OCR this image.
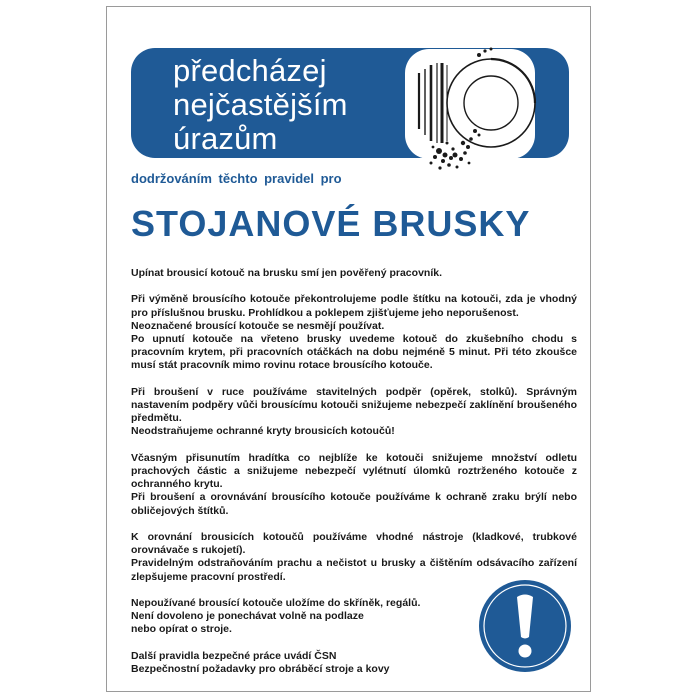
předcházej
nejčastějším
úrazům

dodržováním těchto pravidel pro

STOJANOVÉ BRUSKY

Upínat brousicí kotouč na brusku smí jen pověřený pracovník.

Při výměně brousícího kotouče překontrolujeme podle štítku na kotouči, zda je vhodný pro příslušnou brusku. Prohlídkou a poklepem zjišťujeme jeho neporušenost.

Neoznačené brousící kotouče se nesmějí používat.

Po upnutí kotouče na vřeteno brusky uvedeme kotouč do zkušebního chodu s pracovním krytem, při pracovních otáčkách na dobu nejméně 5 minut. Při této zkoušce musí stát pracovník mimo rovinu rotace brousícího kotouče.

Při broušení v ruce používáme stavitelných podpěr (opěrek, stolků). Správným nastavením podpěry vůči brousícímu kotouči snižujeme nebezpečí zaklínění broušeného předmětu.

Neodstraňujeme ochranné kryty brousicích kotoučů!

Včasným přisunutím hradítka co nejblíže ke kotouči snižujeme množství odletu prachových částic a snižujeme nebezpečí vylétnutí úlomků roztrženého kotouče z ochranného krytu.

Při broušení a orovnávání brousícího kotouče používáme k ochraně zraku brýlí nebo obličejových štítků.

K orovnání brousicích kotoučů používáme vhodné nástroje (kladkové, trubkové orovnávače s rukojetí).

Pravidelným odstraňováním prachu a nečistot u brusky a čištěním odsávacího zařízení zlepšujeme pracovní prostředí.

Nepoužívané brousící kotouče uložíme do skříněk, regálů.

Není dovoleno je ponechávat volně na podlaze

nebo opírat o stroje.

Další pravidla bezpečné práce uvádí ČSN

Bezpečnostní požadavky pro obráběcí stroje a kovy
